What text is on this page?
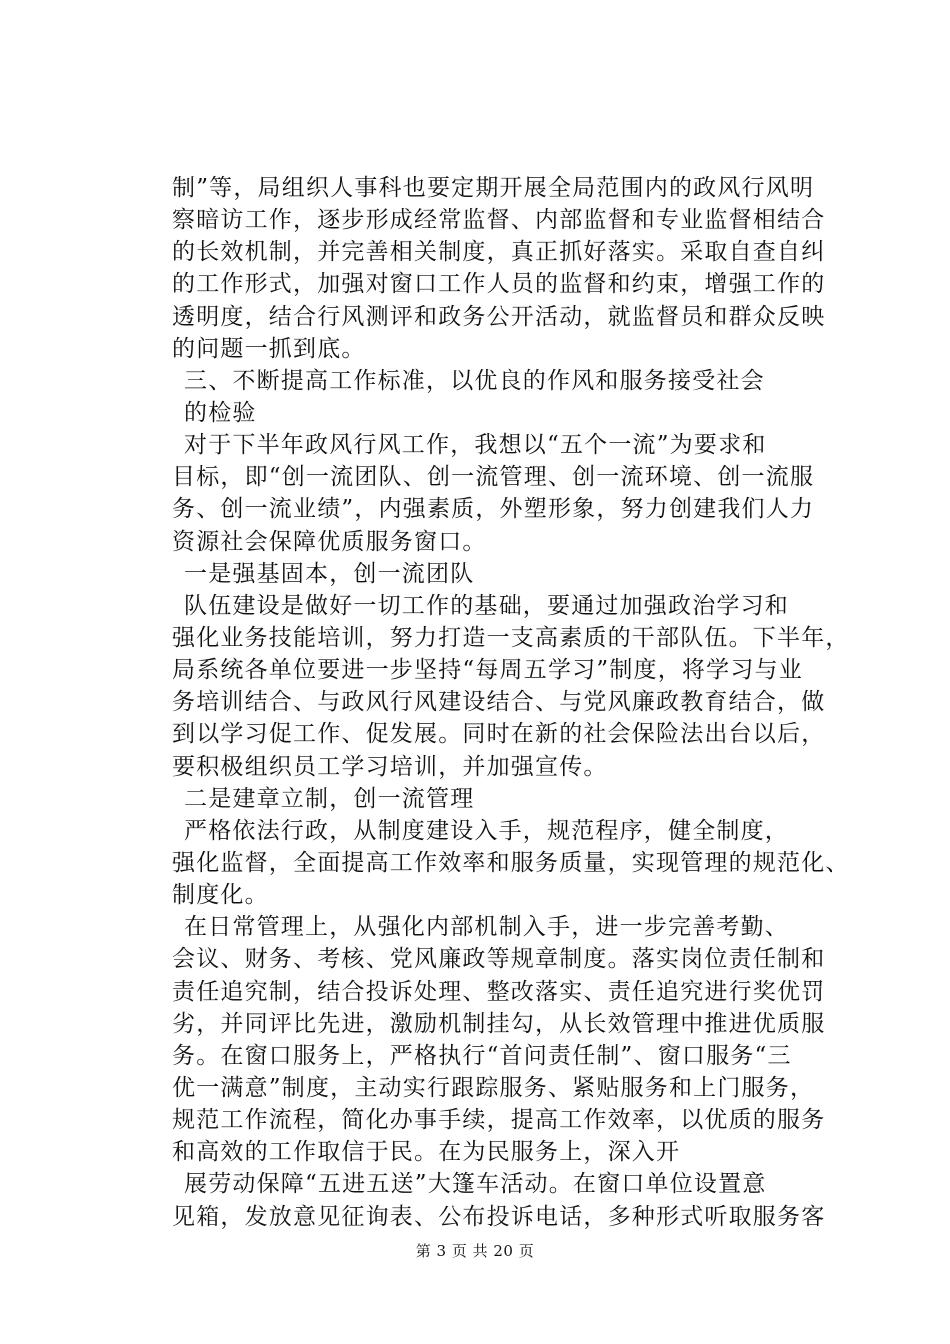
制”等，局组织人事科也要定期开展全局范围内的政风行风明
察暗访工作，逐步形成经常监督、内部监督和专业监督相结合
的长效机制，并完善相关制度，真正抓好落实。采取自查自纠
的工作形式，加强对窗口工作人员的监督和约束，增强工作的
透明度，结合行风测评和政务公开活动，就监督员和群众反映
的问题一抓到底。
三、不断提高工作标准，以优良的作风和服务接受社会
的检验
对于下半年政风行风工作，我想以“五个一流”为要求和
目标，即“创一流团队、创一流管理、创一流环境、创一流服
务、创一流业绩”，内强素质，外塑形象，努力创建我们人力
资源社会保障优质服务窗口。
一是强基固本，创一流团队
队伍建设是做好一切工作的基础，要通过加强政治学习和
强化业务技能培训，努力打造一支高素质的干部队伍。下半年，
局系统各单位要进一步坚持“每周五学习”制度，将学习与业
务培训结合、与政风行风建设结合、与党风廉政教育结合，做
到以学习促工作、促发展。同时在新的社会保险法出台以后，
要积极组织员工学习培训，并加强宣传。
二是建章立制，创一流管理
严格依法行政，从制度建设入手，规范程序，健全制度，
强化监督，全面提高工作效率和服务质量，实现管理的规范化、
制度化。
在日常管理上，从强化内部机制入手，进一步完善考勤、
会议、财务、考核、党风廉政等规章制度。落实岗位责任制和
责任追究制，结合投诉处理、整改落实、责任追究进行奖优罚
劣，并同评比先进，激励机制挂勾，从长效管理中推进优质服
务。在窗口服务上，严格执行“首问责任制”、窗口服务“三
优一满意”制度，主动实行跟踪服务、紧贴服务和上门服务，
规范工作流程，简化办事手续，提高工作效率，以优质的服务
和高效的工作取信于民。在为民服务上，深入开
展劳动保障“五进五送”大篷车活动。在窗口单位设置意
见箱，发放意见征询表、公布投诉电话，多种形式听取服务客
第 3 页 共 20 页
